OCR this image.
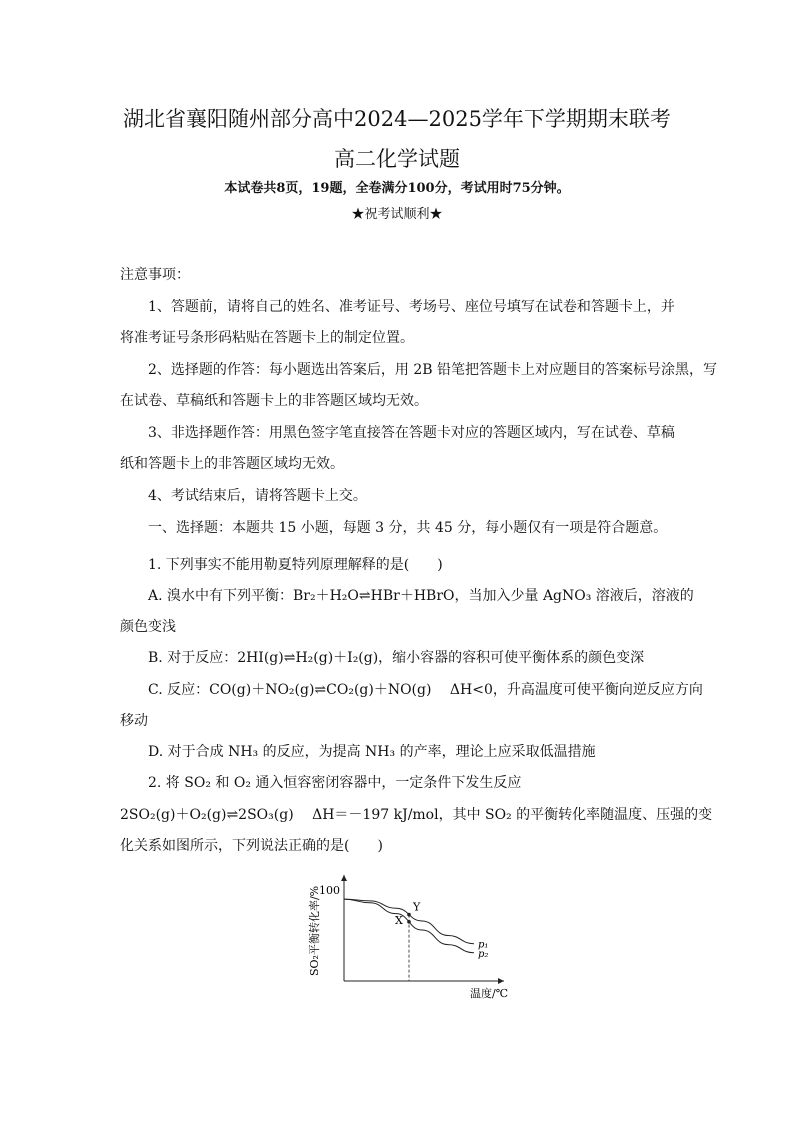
湖北省襄阳随州部分高中2024—2025学年下学期期末联考
高二化学试题
本试卷共8页，19题，全卷满分100分，考试用时75分钟。
★祝考试顺利★
注意事项：
1、答题前，请将自己的姓名、准考证号、考场号、座位号填写在试卷和答题卡上，并
将准考证号条形码粘贴在答题卡上的制定位置。
2、选择题的作答：每小题选出答案后，用 2B 铅笔把答题卡上对应题目的答案标号涂黑，写
在试卷、草稿纸和答题卡上的非答题区域均无效。
3、非选择题作答：用黑色签字笔直接答在答题卡对应的答题区域内，写在试卷、草稿
纸和答题卡上的非答题区域均无效。
4、考试结束后，请将答题卡上交。
一、选择题：本题共 15 小题，每题 3 分，共 45 分，每小题仅有一项是符合题意。
1. 下列事实不能用勒夏特列原理解释的是(　　)
A. 溴水中有下列平衡：Br₂＋H₂O⇌HBr＋HBrO，当加入少量 AgNO₃ 溶液后，溶液的
颜色变浅
B. 对于反应：2HI(g)⇌H₂(g)＋I₂(g)，缩小容器的容积可使平衡体系的颜色变深
C. 反应：CO(g)＋NO₂(g)⇌CO₂(g)＋NO(g)　 ΔH<0，升高温度可使平衡向逆反应方向
移动
D. 对于合成 NH₃ 的反应，为提高 NH₃ 的产率，理论上应采取低温措施
2. 将 SO₂ 和 O₂ 通入恒容密闭容器中，一定条件下发生反应
2SO₂(g)＋O₂(g)⇌2SO₃(g)　 ΔH＝－197 kJ/mol，其中 SO₂ 的平衡转化率随温度、压强的变
化关系如图所示，下列说法正确的是(　　)
100
SO₂平衡转化率/%
温度/℃
p₁
p₂
Y
X
